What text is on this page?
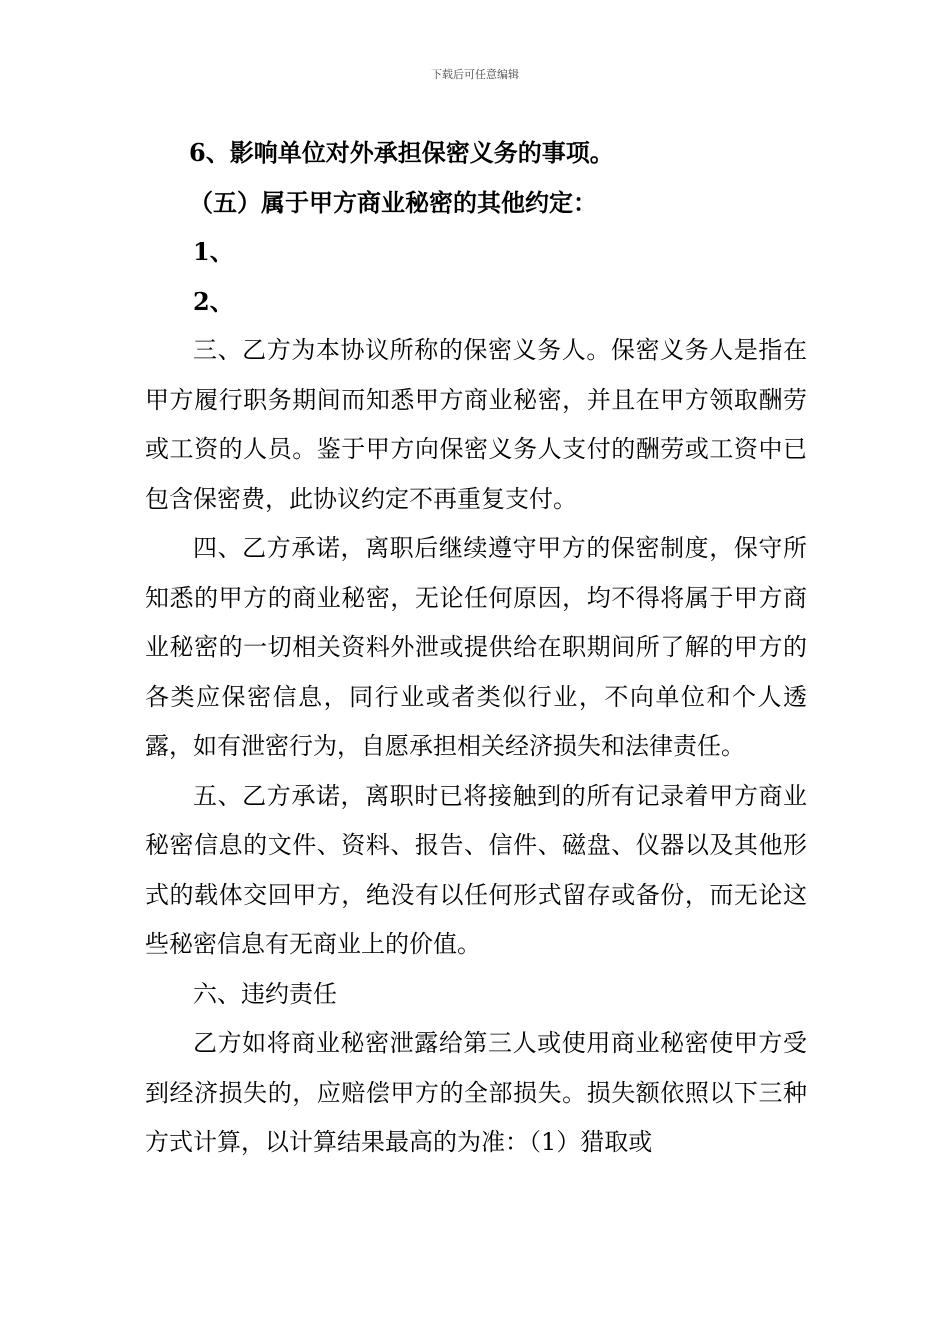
下载后可任意编辑

6、影响单位对外承担保密义务的事项。

（五）属于甲方商业秘密的其他约定：

1、

2、

三、乙方为本协议所称的保密义务人。保密义务人是指在甲方履行职务期间而知悉甲方商业秘密，并且在甲方领取酬劳或工资的人员。鉴于甲方向保密义务人支付的酬劳或工资中已包含保密费，此协议约定不再重复支付。

四、乙方承诺，离职后继续遵守甲方的保密制度，保守所知悉的甲方的商业秘密，无论任何原因，均不得将属于甲方商业秘密的一切相关资料外泄或提供给在职期间所了解的甲方的各类应保密信息，同行业或者类似行业，不向单位和个人透露，如有泄密行为，自愿承担相关经济损失和法律责任。

五、乙方承诺，离职时已将接触到的所有记录着甲方商业秘密信息的文件、资料、报告、信件、磁盘、仪器以及其他形式的载体交回甲方，绝没有以任何形式留存或备份，而无论这些秘密信息有无商业上的价值。

六、违约责任

乙方如将商业秘密泄露给第三人或使用商业秘密使甲方受到经济损失的，应赔偿甲方的全部损失。损失额依照以下三种方式计算，以计算结果最高的为准：（1）猎取或
